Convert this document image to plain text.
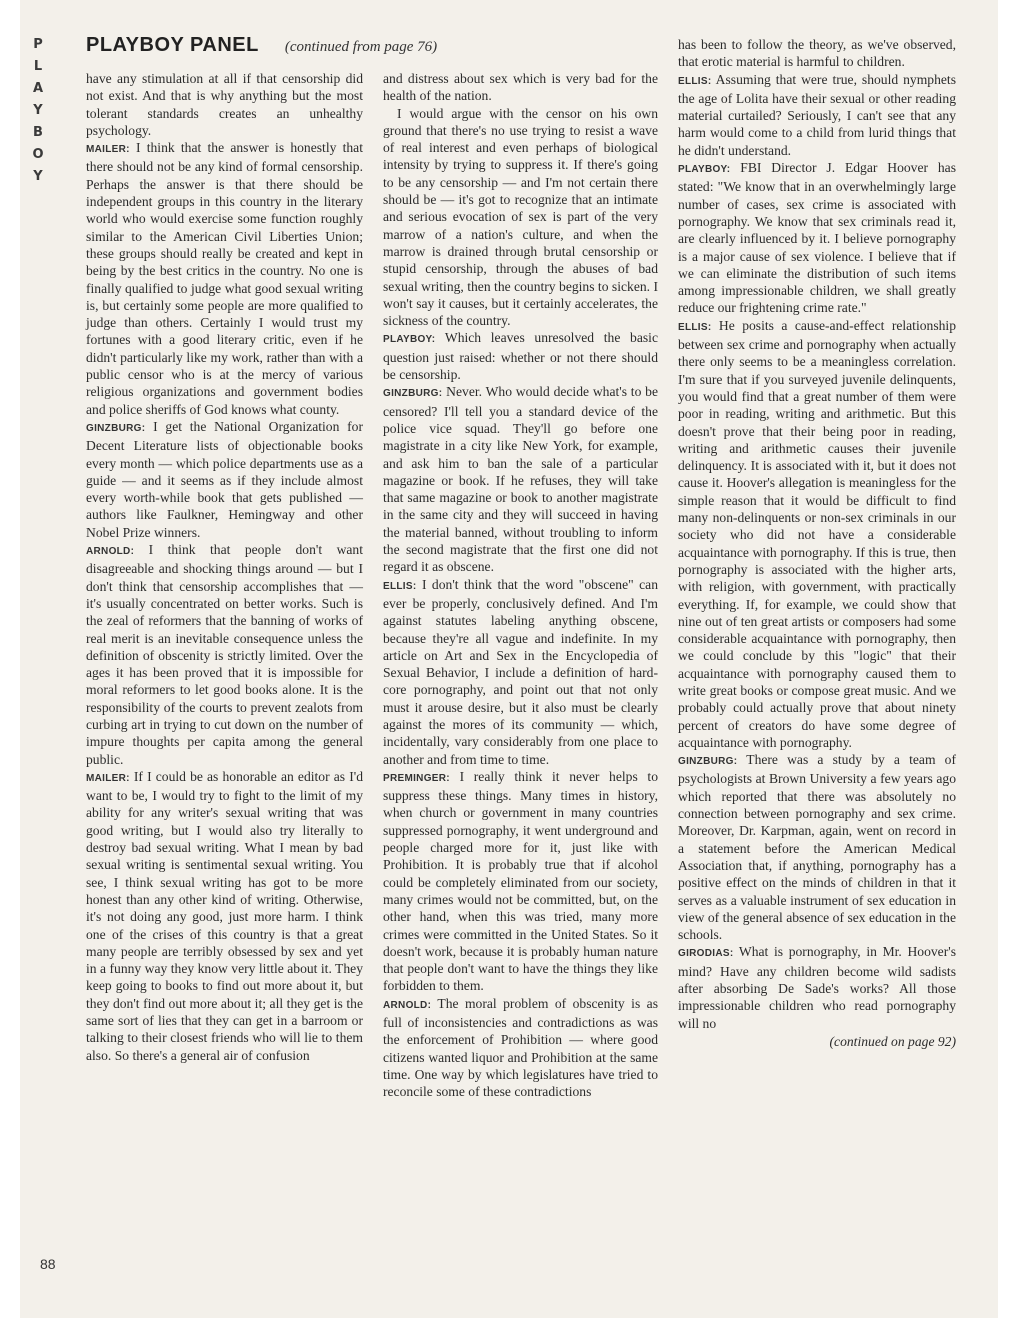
P
L
A
Y
B
O
Y
PLAYBOY PANEL (continued from page 76)

have any stimulation at all if that censorship did not exist. And that is why anything but the most tolerant standards creates an unhealthy psychology.

MAILER: I think that the answer is honestly that there should not be any kind of formal censorship. Perhaps the answer is that there should be independent groups in this country in the literary world who would exercise some function roughly similar to the American Civil Liberties Union; these groups should really be created and kept in being by the best critics in the country. No one is finally qualified to judge what good sexual writing is, but certainly some people are more qualified to judge than others. Certainly I would trust my fortunes with a good literary critic, even if he didn't particularly like my work, rather than with a public censor who is at the mercy of various religious organizations and government bodies and police sheriffs of God knows what county.

GINZBURG: I get the National Organization for Decent Literature lists of objectionable books every month — which police departments use as a guide — and it seems as if they include almost every worth-while book that gets published — authors like Faulkner, Hemingway and other Nobel Prize winners.

ARNOLD: I think that people don't want disagreeable and shocking things around — but I don't think that censorship accomplishes that — it's usually concentrated on better works. Such is the zeal of reformers that the banning of works of real merit is an inevitable consequence unless the definition of obscenity is strictly limited. Over the ages it has been proved that it is impossible for moral reformers to let good books alone. It is the responsibility of the courts to prevent zealots from curbing art in trying to cut down on the number of impure thoughts per capita among the general public.

MAILER: If I could be as honorable an editor as I'd want to be, I would try to fight to the limit of my ability for any writer's sexual writing that was good writing, but I would also try literally to destroy bad sexual writing. What I mean by bad sexual writing is sentimental sexual writing. You see, I think sexual writing has got to be more honest than any other kind of writing. Otherwise, it's not doing any good, just more harm. I think one of the crises of this country is that a great many people are terribly obsessed by sex and yet in a funny way they know very little about it. They keep going to books to find out more about it, but they don't find out more about it; all they get is the same sort of lies that they can get in a barroom or talking to their closest friends who will lie to them also. So there's a general air of confusion

and distress about sex which is very bad for the health of the nation.

I would argue with the censor on his own ground that there's no use trying to resist a wave of real interest and even perhaps of biological intensity by trying to suppress it. If there's going to be any censorship — and I'm not certain there should be — it's got to recognize that an intimate and serious evocation of sex is part of the very marrow of a nation's culture, and when the marrow is drained through brutal censorship or stupid censorship, through the abuses of bad sexual writing, then the country begins to sicken. I won't say it causes, but it certainly accelerates, the sickness of the country.

PLAYBOY: Which leaves unresolved the basic question just raised: whether or not there should be censorship.

GINZBURG: Never. Who would decide what's to be censored? I'll tell you a standard device of the police vice squad. They'll go before one magistrate in a city like New York, for example, and ask him to ban the sale of a particular magazine or book. If he refuses, they will take that same magazine or book to another magistrate in the same city and they will succeed in having the material banned, without troubling to inform the second magistrate that the first one did not regard it as obscene.

ELLIS: I don't think that the word "obscene" can ever be properly, conclusively defined. And I'm against statutes labeling anything obscene, because they're all vague and indefinite. In my article on Art and Sex in the Encyclopedia of Sexual Behavior, I include a definition of hard-core pornography, and point out that not only must it arouse desire, but it also must be clearly against the mores of its community — which, incidentally, vary considerably from one place to another and from time to time.

PREMINGER: I really think it never helps to suppress these things. Many times in history, when church or government in many countries suppressed pornography, it went underground and people charged more for it, just like with Prohibition. It is probably true that if alcohol could be completely eliminated from our society, many crimes would not be committed, but, on the other hand, when this was tried, many more crimes were committed in the United States. So it doesn't work, because it is probably human nature that people don't want to have the things they like forbidden to them.

ARNOLD: The moral problem of obscenity is as full of inconsistencies and contradictions as was the enforcement of Prohibition — where good citizens wanted liquor and Prohibition at the same time. One way by which legislatures have tried to reconcile some of these contradictions

has been to follow the theory, as we've observed, that erotic material is harmful to children.

ELLIS: Assuming that were true, should nymphets the age of Lolita have their sexual or other reading material curtailed? Seriously, I can't see that any harm would come to a child from lurid things that he didn't understand.

PLAYBOY: FBI Director J. Edgar Hoover has stated: "We know that in an overwhelmingly large number of cases, sex crime is associated with pornography. We know that sex criminals read it, are clearly influenced by it. I believe pornography is a major cause of sex violence. I believe that if we can eliminate the distribution of such items among impressionable children, we shall greatly reduce our frightening crime rate."

ELLIS: He posits a cause-and-effect relationship between sex crime and pornography when actually there only seems to be a meaningless correlation. I'm sure that if you surveyed juvenile delinquents, you would find that a great number of them were poor in reading, writing and arithmetic. But this doesn't prove that their being poor in reading, writing and arithmetic causes their juvenile delinquency. It is associated with it, but it does not cause it. Hoover's allegation is meaningless for the simple reason that it would be difficult to find many non-delinquents or non-sex criminals in our society who did not have a considerable acquaintance with pornography. If this is true, then pornography is associated with the higher arts, with religion, with government, with practically everything. If, for example, we could show that nine out of ten great artists or composers had some considerable acquaintance with pornography, then we could conclude by this "logic" that their acquaintance with pornography caused them to write great books or compose great music. And we probably could actually prove that about ninety percent of creators do have some degree of acquaintance with pornography.

GINZBURG: There was a study by a team of psychologists at Brown University a few years ago which reported that there was absolutely no connection between pornography and sex crime. Moreover, Dr. Karpman, again, went on record in a statement before the American Medical Association that, if anything, pornography has a positive effect on the minds of children in that it serves as a valuable instrument of sex education in view of the general absence of sex education in the schools.

GIRODIAS: What is pornography, in Mr. Hoover's mind? Have any children become wild sadists after absorbing De Sade's works? All those impressionable children who read pornography will no

(continued on page 92)
88
